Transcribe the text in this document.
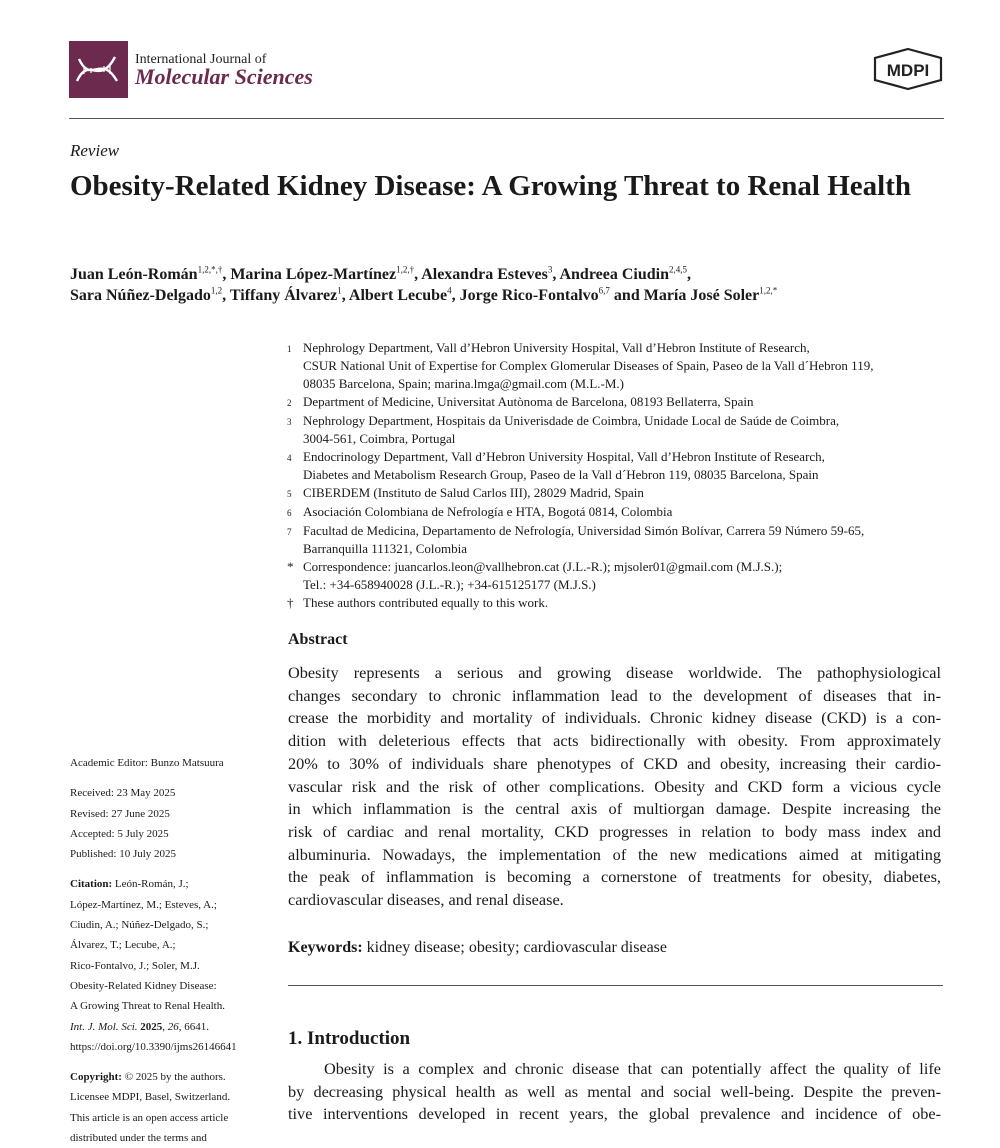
International Journal of
Molecular Sciences	MDPI
Review
Obesity-Related Kidney Disease: A Growing Threat to Renal Health
Juan León-Román$^{1,2,*,\dagger}$, Marina López-Martínez$^{1,2,\dagger}$, Alexandra Esteves$^3$, Andreea Ciudin$^{2,4,5}$,
Sara Núñez-Delgado$^{1,2}$, Tiffany Álvarez$^1$, Albert Lecube$^4$, Jorge Rico-Fontalvo$^{6,7}$ and María José Soler$^{1,2,*}$
1 Nephrology Department, Vall d’Hebron University Hospital, Vall d’Hebron Institute of Research,
CSUR National Unit of Expertise for Complex Glomerular Diseases of Spain, Paseo de la Vall d´Hebron 119,
08035 Barcelona, Spain; marina.lmga@gmail.com (M.L.-M.)
2 Department of Medicine, Universitat Autònoma de Barcelona, 08193 Bellaterra, Spain
3 Nephrology Department, Hospitais da Univerisdade de Coimbra, Unidade Local de Saúde de Coimbra,
3004-561, Coimbra, Portugal
4 Endocrinology Department, Vall d’Hebron University Hospital, Vall d’Hebron Institute of Research,
Diabetes and Metabolism Research Group, Paseo de la Vall d´Hebron 119, 08035 Barcelona, Spain
5 CIBERDEM (Instituto de Salud Carlos III), 28029 Madrid, Spain
6 Asociación Colombiana de Nefrología e HTA, Bogotá 0814, Colombia
7 Facultad de Medicina, Departamento de Nefrología, Universidad Simón Bolívar, Carrera 59 Número 59-65,
Barranquilla 111321, Colombia
* Correspondence: juancarlos.leon@vallhebron.cat (J.L.-R.); mjsoler01@gmail.com (M.J.S.);
Tel.: +34-658940028 (J.L.-R.); +34-615125177 (M.J.S.)
† These authors contributed equally to this work.
Abstract
Obesity represents a serious and growing disease worldwide. The pathophysiological
changes secondary to chronic inflammation lead to the development of diseases that in-
crease the morbidity and mortality of individuals. Chronic kidney disease (CKD) is a con-
dition with deleterious effects that acts bidirectionally with obesity. From approximately
20% to 30% of individuals share phenotypes of CKD and obesity, increasing their cardio-
vascular risk and the risk of other complications. Obesity and CKD form a vicious cycle
in which inflammation is the central axis of multiorgan damage. Despite increasing the
risk of cardiac and renal mortality, CKD progresses in relation to body mass index and
albuminuria. Nowadays, the implementation of the new medications aimed at mitigating
the peak of inflammation is becoming a cornerstone of treatments for obesity, diabetes,
cardiovascular diseases, and renal disease.
Keywords: kidney disease; obesity; cardiovascular disease
1. Introduction
Obesity is a complex and chronic disease that can potentially affect the quality of life
by decreasing physical health as well as mental and social well-being. Despite the preven-
tive interventions developed in recent years, the global prevalence and incidence of obe-

Academic Editor: Bunzo Matsuura

Received: 23 May 2025

Revised: 27 June 2025

Accepted: 5 July 2025

Published: 10 July 2025

Citation: León-Román, J.;
López-Martínez, M.; Esteves, A.;
Ciudin, A.; Núñez-Delgado, S.;
Álvarez, T.; Lecube, A.;
Rico-Fontalvo, J.; Soler, M.J.
Obesity-Related Kidney Disease:
A Growing Threat to Renal Health.
Int. J. Mol. Sci. 2025, 26, 6641.
https://doi.org/10.3390/ijms26146641
Copyright: © 2025 by the authors.
Licensee MDPI, Basel, Switzerland.
This article is an open access article
distributed under the terms and
